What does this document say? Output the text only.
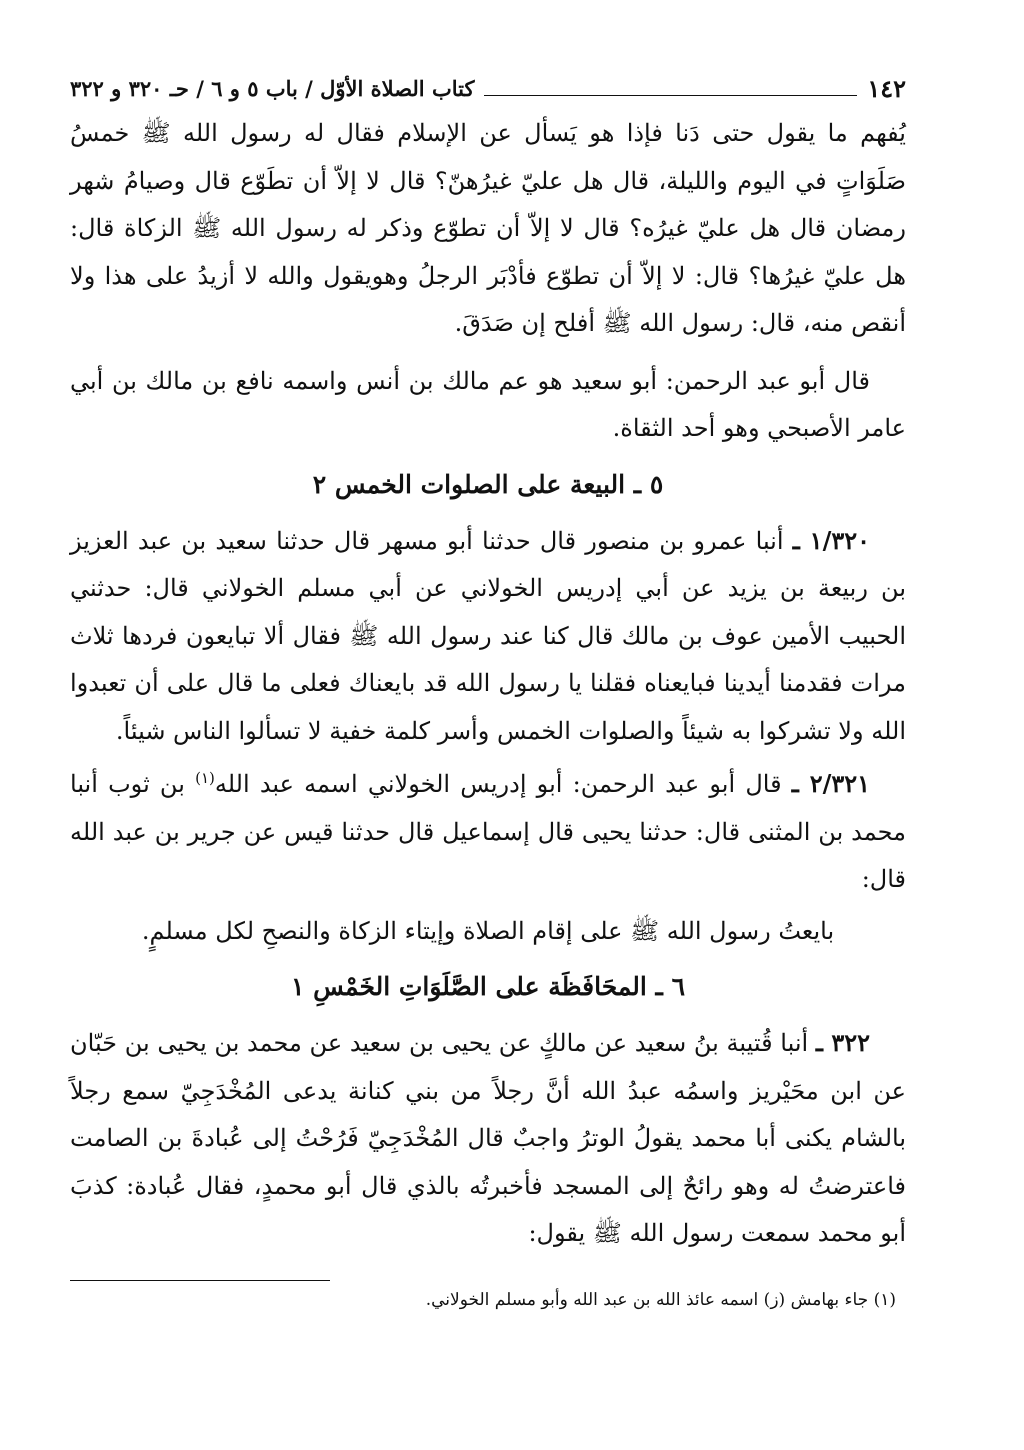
١٤٢
كتاب الصلاة الأوّل / باب ٥ و ٦ / حـ ٣٢٠ و ٣٢٢

يُفهم ما يقول حتى دَنا فإذا هو يَسأل عن الإسلام فقال له رسول الله ﷺ خمسُ صَلَوَاتٍ في اليوم والليلة، قال هل عليّ غيرُهنّ؟ قال لا إلاّ أن تطَوّع قال وصيامُ شهر رمضان قال هل عليّ غيرُه؟ قال لا إلاّ أن تطوّع وذكر له رسول الله ﷺ الزكاة قال: هل عليّ غيرُها؟ قال: لا إلاّ أن تطوّع فأدْبَر الرجلُ وهويقول والله لا أزيدُ على هذا ولا أنقص منه، قال: رسول الله ﷺ أفلح إن صَدَقَ.

قال أبو عبد الرحمن: أبو سعيد هو عم مالك بن أنس واسمه نافع بن مالك بن أبي عامر الأصبحي وهو أحد الثقاة.

٥ ـ البيعة على الصلوات الخمس ٢

١/٣٢٠ ـ أنبا عمرو بن منصور قال حدثنا أبو مسهر قال حدثنا سعيد بن عبد العزيز بن ربيعة بن يزيد عن أبي إدريس الخولاني عن أبي مسلم الخولاني قال: حدثني الحبيب الأمين عوف بن مالك قال كنا عند رسول الله ﷺ فقال ألا تبايعون فردها ثلاث مرات فقدمنا أيدينا فبايعناه فقلنا يا رسول الله قد بايعناك فعلى ما قال على أن تعبدوا الله ولا تشركوا به شيئاً والصلوات الخمس وأسر كلمة خفية لا تسألوا الناس شيئاً.

٢/٣٢١ ـ قال أبو عبد الرحمن: أبو إدريس الخولاني اسمه عبد الله$^{(١)}$ بن ثوب أنبا محمد بن المثنى قال: حدثنا يحيى قال إسماعيل قال حدثنا قيس عن جرير بن عبد الله قال:

بايعتُ رسول الله ﷺ على إقام الصلاة وإيتاء الزكاة والنصحِ لكل مسلمٍ.

٦ ـ المحَافَظَة على الصَّلَوَاتِ الخَمْسِ ١

٣٢٢ ـ أنبا قُتيبة بنُ سعيد عن مالكٍ عن يحيى بن سعيد عن محمد بن يحيى بن حَبّان عن ابن محَيْريز واسمُه عبدُ الله أنَّ رجلاً من بني كنانة يدعى المُخْدَجِيّ سمع رجلاً بالشام يكنى أبا محمد يقولُ الوترُ واجبٌ قال المُخْدَجِيّ فَرُحْتُ إلى عُبادةَ بن الصامت فاعترضتُ له وهو رائحٌ إلى المسجد فأخبرتُه بالذي قال أبو محمدٍ، فقال عُبادة: كذبَ أبو محمد سمعت رسول الله ﷺ يقول:

(١) جاء بهامش (ز) اسمه عائذ الله بن عبد الله وأبو مسلم الخولاني.
